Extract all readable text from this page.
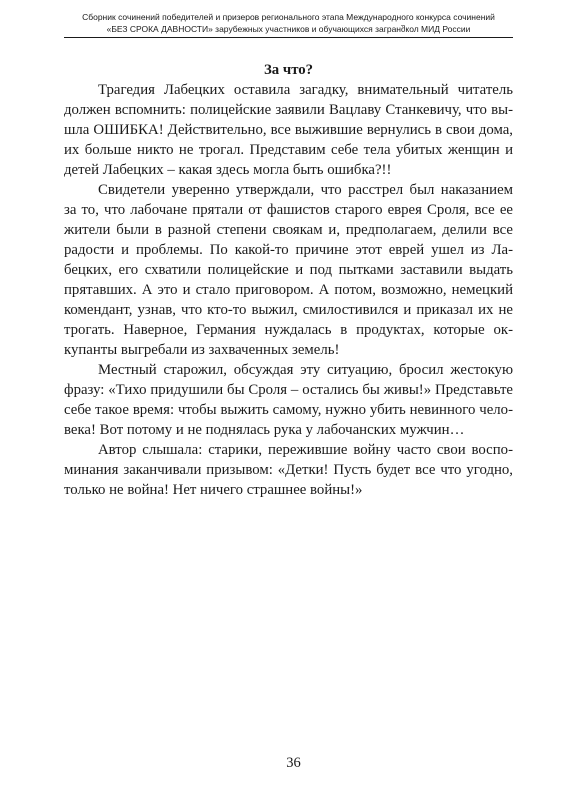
Сборник сочинений победителей и призеров регионального этапа Международного конкурса сочинений
«БЕЗ СРОКА ДАВНОСТИ» зарубежных участников и обучающихся загранშкол МИД России
За что?

Трагедия Лабецких оставила загадку, внимательный читатель должен вспомнить: полицейские заявили Вацлаву Станкевичу, что вышла ОШИБКА! Действительно, все выжившие вернулись в свои дома, их больше никто не трогал. Представим себе тела убитых женщин и детей Лабецких – какая здесь могла быть ошибка?!!

Свидетели уверенно утверждали, что расстрел был наказанием за то, что лабочане прятали от фашистов старого еврея Сроля, все ее жители были в разной степени своякам и, предполагаем, делили все радости и проблемы. По какой-то причине этот еврей ушел из Лабецких, его схватили полицейские и под пытками заставили выдать прятавших. А это и стало приговором. А потом, возможно, немецкий комендант, узнав, что кто-то выжил, смилостивился и приказал их не трогать. Наверное, Германия нуждалась в продуктах, которые оккупанты выгребали из захваченных земель!

Местный старожил, обсуждая эту ситуацию, бросил жестокую фразу: «Тихо придушили бы Сроля – остались бы живы!» Представьте себе такое время: чтобы выжить самому, нужно убить невинного человека! Вот потому и не поднялась рука у лабочанских мужчин…

Автор слышала: старики, пережившие войну часто свои воспоминания заканчивали призывом: «Детки! Пусть будет все что угодно, только не война! Нет ничего страшнее войны!»

36
